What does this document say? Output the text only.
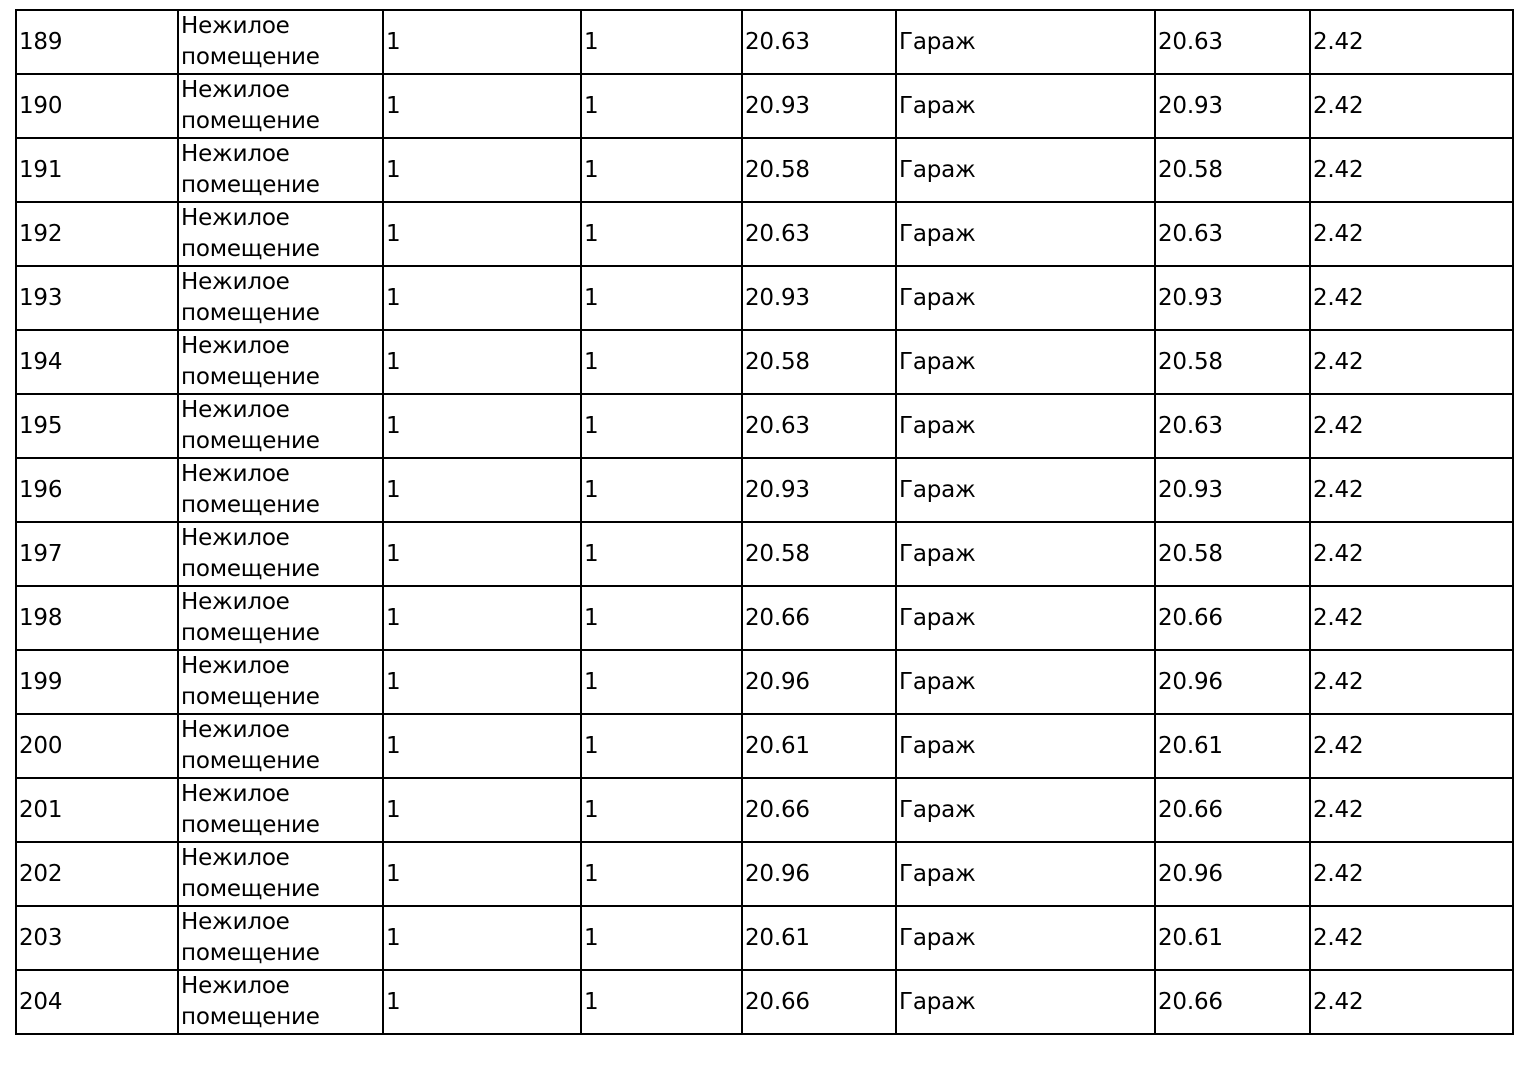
189	Нежилое помещение	1	1	20.63	Гараж	20.63	2.42
190	Нежилое помещение	1	1	20.93	Гараж	20.93	2.42
191	Нежилое помещение	1	1	20.58	Гараж	20.58	2.42
192	Нежилое помещение	1	1	20.63	Гараж	20.63	2.42
193	Нежилое помещение	1	1	20.93	Гараж	20.93	2.42
194	Нежилое помещение	1	1	20.58	Гараж	20.58	2.42
195	Нежилое помещение	1	1	20.63	Гараж	20.63	2.42
196	Нежилое помещение	1	1	20.93	Гараж	20.93	2.42
197	Нежилое помещение	1	1	20.58	Гараж	20.58	2.42
198	Нежилое помещение	1	1	20.66	Гараж	20.66	2.42
199	Нежилое помещение	1	1	20.96	Гараж	20.96	2.42
200	Нежилое помещение	1	1	20.61	Гараж	20.61	2.42
201	Нежилое помещение	1	1	20.66	Гараж	20.66	2.42
202	Нежилое помещение	1	1	20.96	Гараж	20.96	2.42
203	Нежилое помещение	1	1	20.61	Гараж	20.61	2.42
204	Нежилое помещение	1	1	20.66	Гараж	20.66	2.42
